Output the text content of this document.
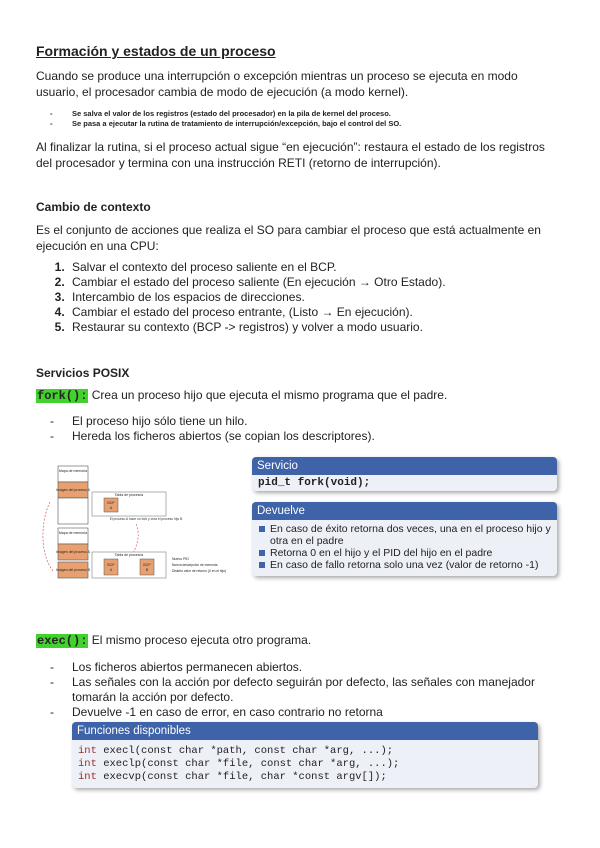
Formación y estados de un proceso
Cuando se produce una interrupción o excepción mientras un proceso se ejecuta en modo usuario, el procesador cambia de modo de ejecución (a modo kernel).
-	Se salva el valor de los registros (estado del procesador) en la pila de kernel del proceso.
-	Se pasa a ejecutar la rutina de tratamiento de interrupción/excepción, bajo el control del SO.
Al finalizar la rutina, si el proceso actual sigue “en ejecución”: restaura el estado de los registros del procesador y termina con una instrucción RETI (retorno de interrupción).
Cambio de contexto
Es el conjunto de acciones que realiza el SO para cambiar el proceso que está actualmente en ejecución en una CPU:
1. Salvar el contexto del proceso saliente en el BCP.
2. Cambiar el estado del proceso saliente (En ejecución → Otro Estado).
3. Intercambio de los espacios de direcciones.
4. Cambiar el estado del proceso entrante, (Listo → En ejecución).
5. Restaurar su contexto (BCP -> registros) y volver a modo usuario.
Servicios POSIX
fork(): Crea un proceso hijo que ejecuta el mismo programa que el padre.
- El proceso hijo sólo tiene un hilo.
- Hereda los ficheros abiertos (se copian los descriptores).
Mapa de memoria
Imagen del proceso A
Tabla de procesos
BCP
A
El proceso A hace un fork y crea el proceso hijo B
Mapa de memoria
Imagen del proceso A
Imagen del proceso B
Tabla de procesos
BCP
A
BCP
B
Nuevo PID
Nueva descripción de memoria
Distinto valor de retorno (0 en el hijo)
Servicio
pid_t fork(void);
Devuelve
En caso de éxito retorna dos veces, una en el proceso hijo y otra en el padre
Retorna 0 en el hijo y el PID del hijo en el padre
En caso de fallo retorna solo una vez (valor de retorno -1)
exec(): El mismo proceso ejecuta otro programa.
- Los ficheros abiertos permanecen abiertos.
- Las señales con la acción por defecto seguirán por defecto, las señales con manejador tomarán la acción por defecto.
- Devuelve -1 en caso de error, en caso contrario no retorna
Funciones disponibles
int execl(const char *path, const char *arg, ...);
int execlp(const char *file, const char *arg, ...);
int execvp(const char *file, char *const argv[]);
